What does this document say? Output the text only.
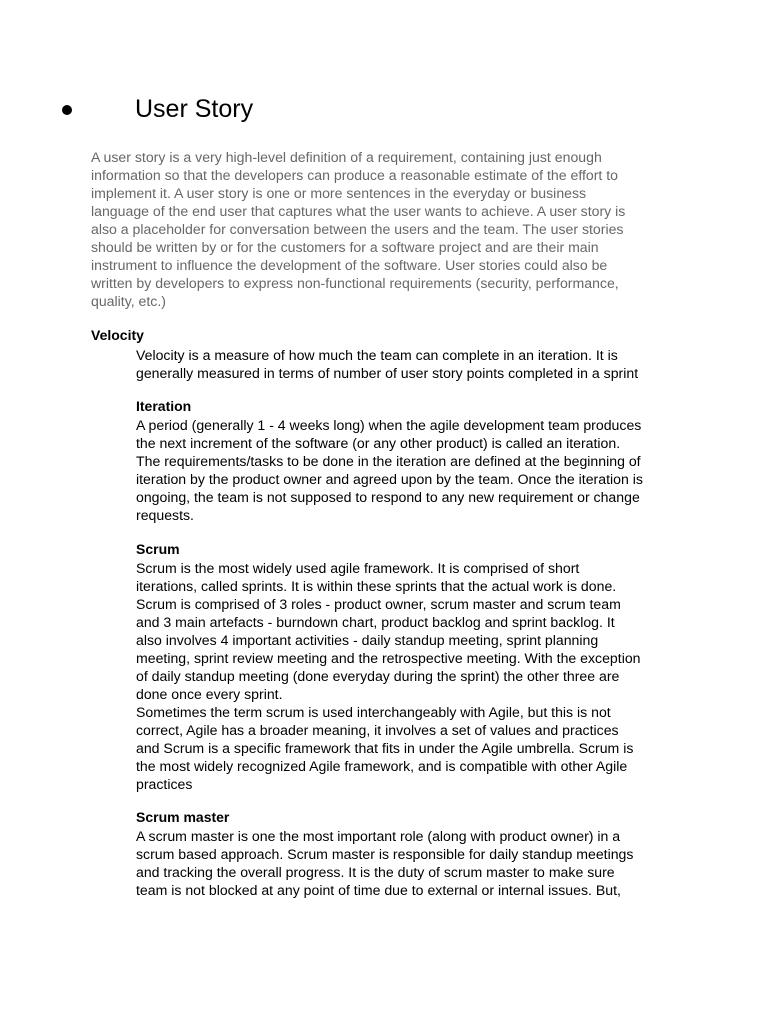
User Story
A user story is a very high-level definition of a requirement, containing just enough
information so that the developers can produce a reasonable estimate of the effort to
implement it. A user story is one or more sentences in the everyday or business
language of the end user that captures what the user wants to achieve. A user story is
also a placeholder for conversation between the users and the team. The user stories
should be written by or for the customers for a software project and are their main
instrument to influence the development of the software. User stories could also be
written by developers to express non-functional requirements (security, performance,
quality, etc.)
Velocity
Velocity is a measure of how much the team can complete in an iteration. It is
generally measured in terms of number of user story points completed in a sprint
Iteration
A period (generally 1 - 4 weeks long) when the agile development team produces
the next increment of the software (or any other product) is called an iteration.
The requirements/tasks to be done in the iteration are defined at the beginning of
iteration by the product owner and agreed upon by the team. Once the iteration is
ongoing, the team is not supposed to respond to any new requirement or change
requests.
Scrum
Scrum is the most widely used agile framework. It is comprised of short
iterations, called sprints. It is within these sprints that the actual work is done.
Scrum is comprised of 3 roles - product owner, scrum master and scrum team
and 3 main artefacts - burndown chart, product backlog and sprint backlog. It
also involves 4 important activities - daily standup meeting, sprint planning
meeting, sprint review meeting and the retrospective meeting. With the exception
of daily standup meeting (done everyday during the sprint) the other three are
done once every sprint.
Sometimes the term scrum is used interchangeably with Agile, but this is not
correct, Agile has a broader meaning, it involves a set of values and practices
and Scrum is a specific framework that fits in under the Agile umbrella. Scrum is
the most widely recognized Agile framework, and is compatible with other Agile
practices
Scrum master
A scrum master is one the most important role (along with product owner) in a
scrum based approach. Scrum master is responsible for daily standup meetings
and tracking the overall progress. It is the duty of scrum master to make sure
team is not blocked at any point of time due to external or internal issues. But,
